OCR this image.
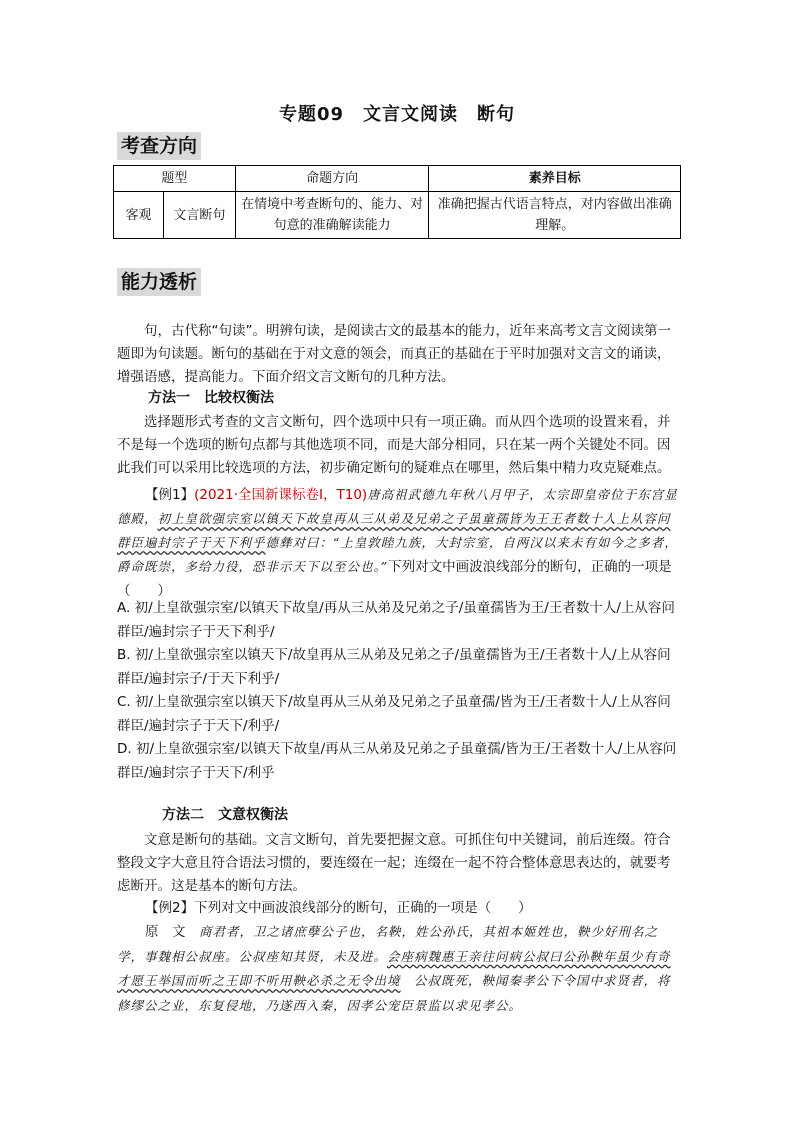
专题09　文言文阅读　断句
考查方向
题型		命题方向	素养目标
客观	文言断句	在情境中考查断句的、能力、对句意的准确解读能力	准确把握古代语言特点，对内容做出准确理解。
能力透析

句，古代称“句读”。明辨句读，是阅读古文的最基本的能力，近年来高考文言文阅读第一题即为句读题。断句的基础在于对文意的领会，而真正的基础在于平时加强对文言文的诵读，增强语感，提高能力。下面介绍文言文断句的几种方法。

方法一　比较权衡法

选择题形式考查的文言文断句，四个选项中只有一项正确。而从四个选项的设置来看，并不是每一个选项的断句点都与其他选项不同，而是大部分相同，只在某一两个关键处不同。因此我们可以采用比较选项的方法，初步确定断句的疑难点在哪里，然后集中精力攻克疑难点。

【例1】(2021·全国新课标卷Ⅰ，T10)唐高祖武德九年秋八月甲子，太宗即皇帝位于东宫显德殿，初上皇欲强宗室以镇天下故皇再从三从弟及兄弟之子虽童孺皆为王王者数十人上从容问群臣遍封宗子于天下利乎德彝对曰：“上皇敦睦九族，大封宗室，自两汉以来未有如今之多者，爵命既崇，多给力役，恐非示天下以至公也。”下列对文中画波浪线部分的断句，正确的一项是（　　）
A. 初/上皇欲强宗室/以镇天下故皇/再从三从弟及兄弟之子/虽童孺皆为王/王者数十人/上从容问群臣/遍封宗子于天下利乎/
B. 初/上皇欲强宗室以镇天下/故皇再从三从弟及兄弟之子/虽童孺皆为王/王者数十人/上从容问群臣/遍封宗子/于天下利乎/
C. 初/上皇欲强宗室以镇天下/故皇再从三从弟及兄弟之子虽童孺/皆为王/王者数十人/上从容问群臣/遍封宗子于天下/利乎/
D. 初/上皇欲强宗室/以镇天下故皇/再从三从弟及兄弟之子虽童孺/皆为王/王者数十人/上从容问群臣/遍封宗子于天下/利乎
方法二　文意权衡法

文意是断句的基础。文言文断句，首先要把握文意。可抓住句中关键词，前后连缀。符合整段文字大意且符合语法习惯的，要连缀在一起；连缀在一起不符合整体意思表达的，就要考虑断开。这是基本的断句方法。

【例2】下列对文中画波浪线部分的断句，正确的一项是（　　）
原　文　 商君者，卫之诸庶孽公子也，名鞅，姓公孙氏，其祖本姬姓也，鞅少好刑名之学，事魏相公叔座。公叔座知其贤，未及进。会座病魏惠王亲往问病公叔曰公孙鞅年虽少有奇才愿王举国而听之王即不听用鞅必杀之无令出境　 公叔既死，鞅闻秦孝公下令国中求贤者，将修缪公之业，东复侵地，乃遂西入秦，因孝公宠臣景监以求见孝公。
